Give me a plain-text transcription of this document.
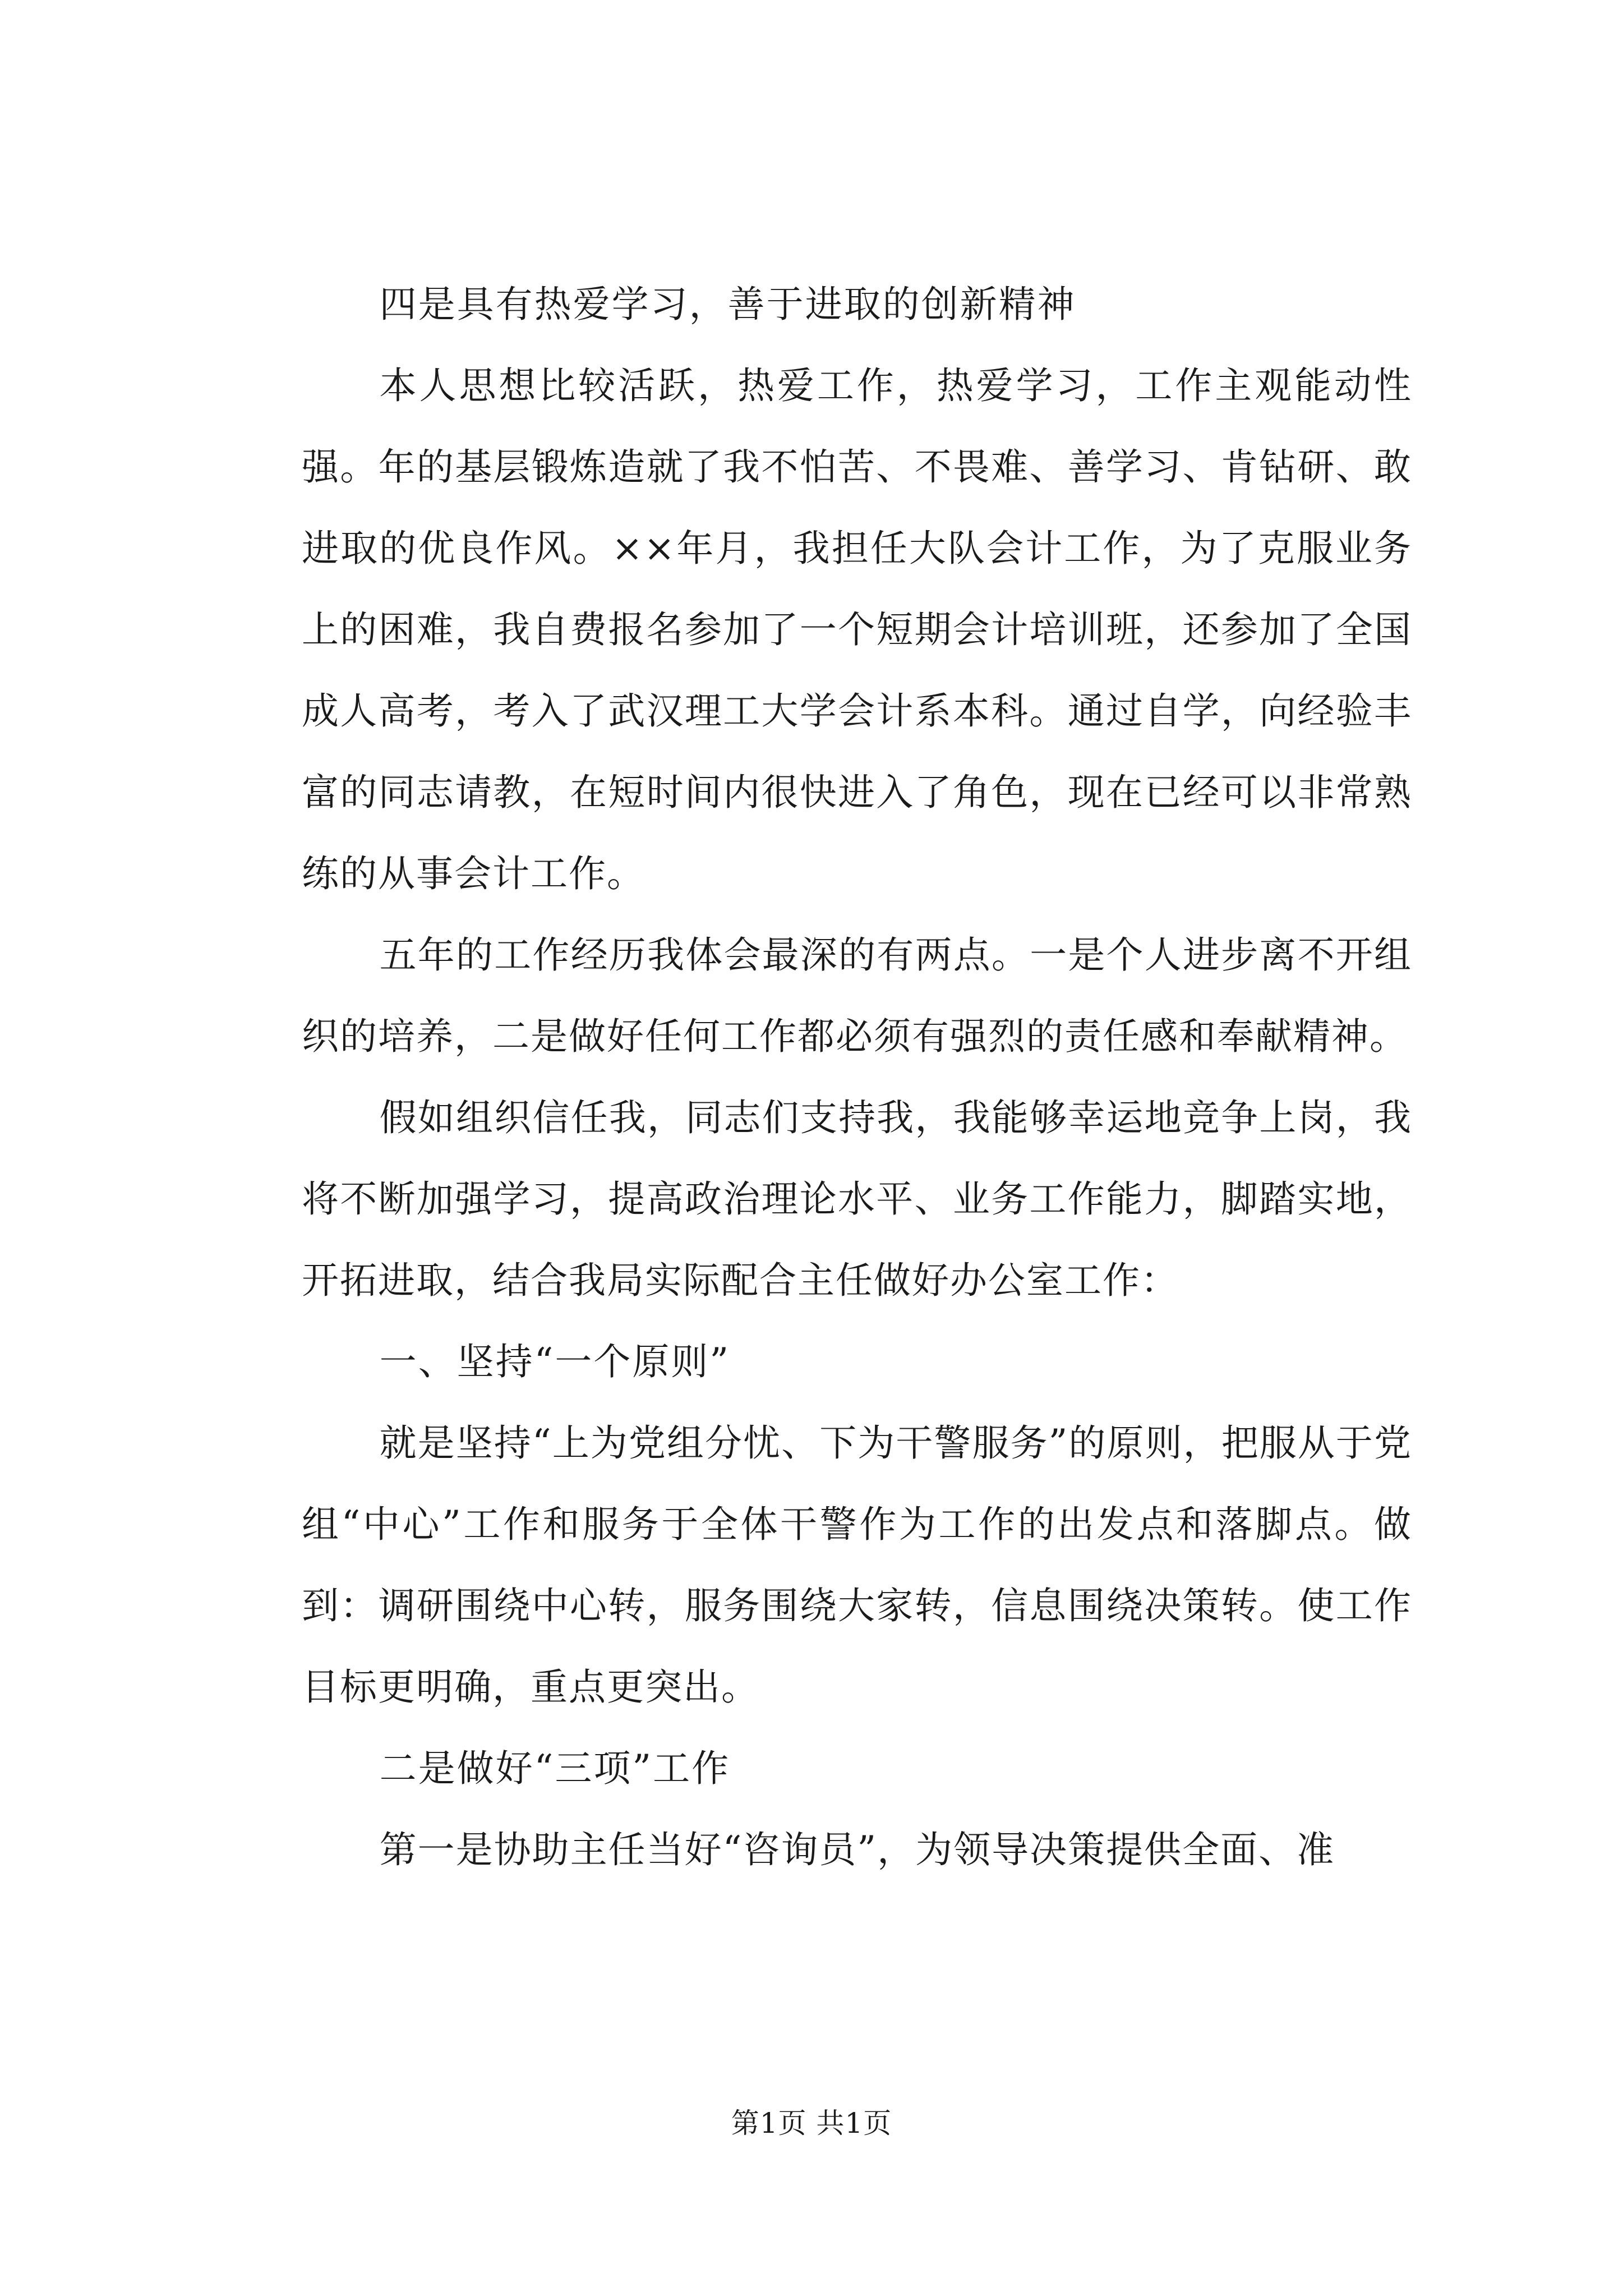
四是具有热爱学习，善于进取的创新精神

本人思想比较活跃，热爱工作，热爱学习，工作主观能动性强。年的基层锻炼造就了我不怕苦、不畏难、善学习、肯钻研、敢进取的优良作风。××年月，我担任大队会计工作，为了克服业务上的困难，我自费报名参加了一个短期会计培训班，还参加了全国成人高考，考入了武汉理工大学会计系本科。通过自学，向经验丰富的同志请教，在短时间内很快进入了角色，现在已经可以非常熟练的从事会计工作。

五年的工作经历我体会最深的有两点。一是个人进步离不开组织的培养，二是做好任何工作都必须有强烈的责任感和奉献精神。

假如组织信任我，同志们支持我，我能够幸运地竞争上岗，我将不断加强学习，提高政治理论水平、业务工作能力，脚踏实地，开拓进取，结合我局实际配合主任做好办公室工作：

一、坚持“一个原则”

就是坚持“上为党组分忧、下为干警服务”的原则，把服从于党组“中心”工作和服务于全体干警作为工作的出发点和落脚点。做到：调研围绕中心转，服务围绕大家转，信息围绕决策转。使工作目标更明确，重点更突出。

二是做好“三项”工作

第一是协助主任当好“咨询员”，为领导决策提供全面、准

第1页 共1页
